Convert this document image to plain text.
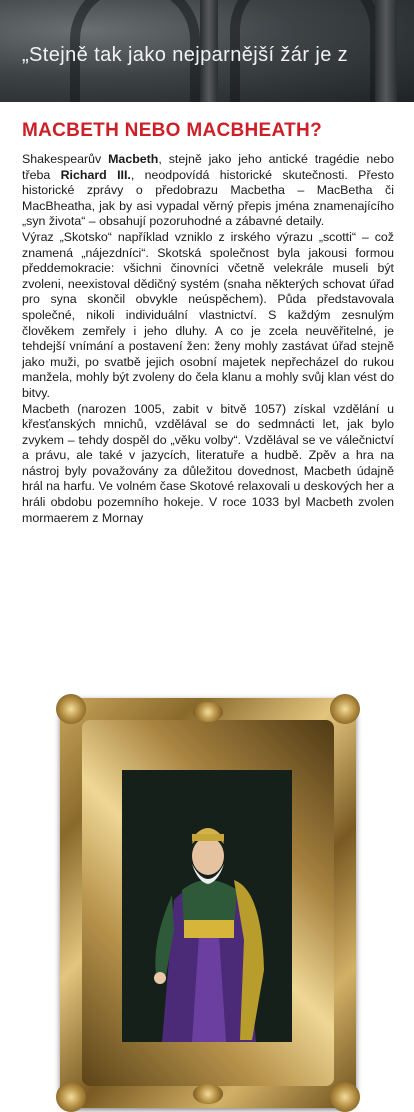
„Stejně tak jako nejparnější žár je z
MACBETH NEBO MACBHEATH?

Shakespearův Macbeth, stejně jako jeho antické tragédie nebo třeba Richard III., neodpovídá historické skutečnosti. Přesto historické zprávy o předobrazu Macbetha – MacBetha či MacBheatha, jak by asi vypadal věrný přepis jména znamenajícího „syn života“ – obsahují pozoruhodné a zábavné detaily.

Výraz „Skotsko“ například vzniklo z irského výrazu „scotti“ – což znamená „nájezdníci“. Skotská společnost byla jakousi formou předdemokracie: všichni činovníci včetně velekrále museli být zvoleni, neexistoval dědičný systém (snaha některých schovat úřad pro syna skončil obvykle neúspěchem). Půda představovala společné, nikoli individuální vlastnictví. S každým zesnulým člověkem zemřely i jeho dluhy. A co je zcela neuvěřitelné, je tehdejší vnímání a postavení žen: ženy mohly zastávat úřad stejně jako muži, po svatbě jejich osobní majetek nepřecházel do rukou manžela, mohly být zvoleny do čela klanu a mohly svůj klan vést do bitvy.

Macbeth (narozen 1005, zabit v bitvě 1057) získal vzdělání u křesťanských mnichů, vzdělával se do sedmnácti let, jak bylo zvykem – tehdy dospěl do „věku volby“. Vzdělával se ve válečnictví a právu, ale také v jazycích, literatuře a hudbě. Zpěv a hra na nástroj byly považovány za důležitou dovednost, Macbeth údajně hrál na harfu. Ve volném čase Skotové relaxovali u deskových her a hráli obdobu pozemního hokeje. V roce 1033 byl Macbeth zvolen mormaerem z Mornay
